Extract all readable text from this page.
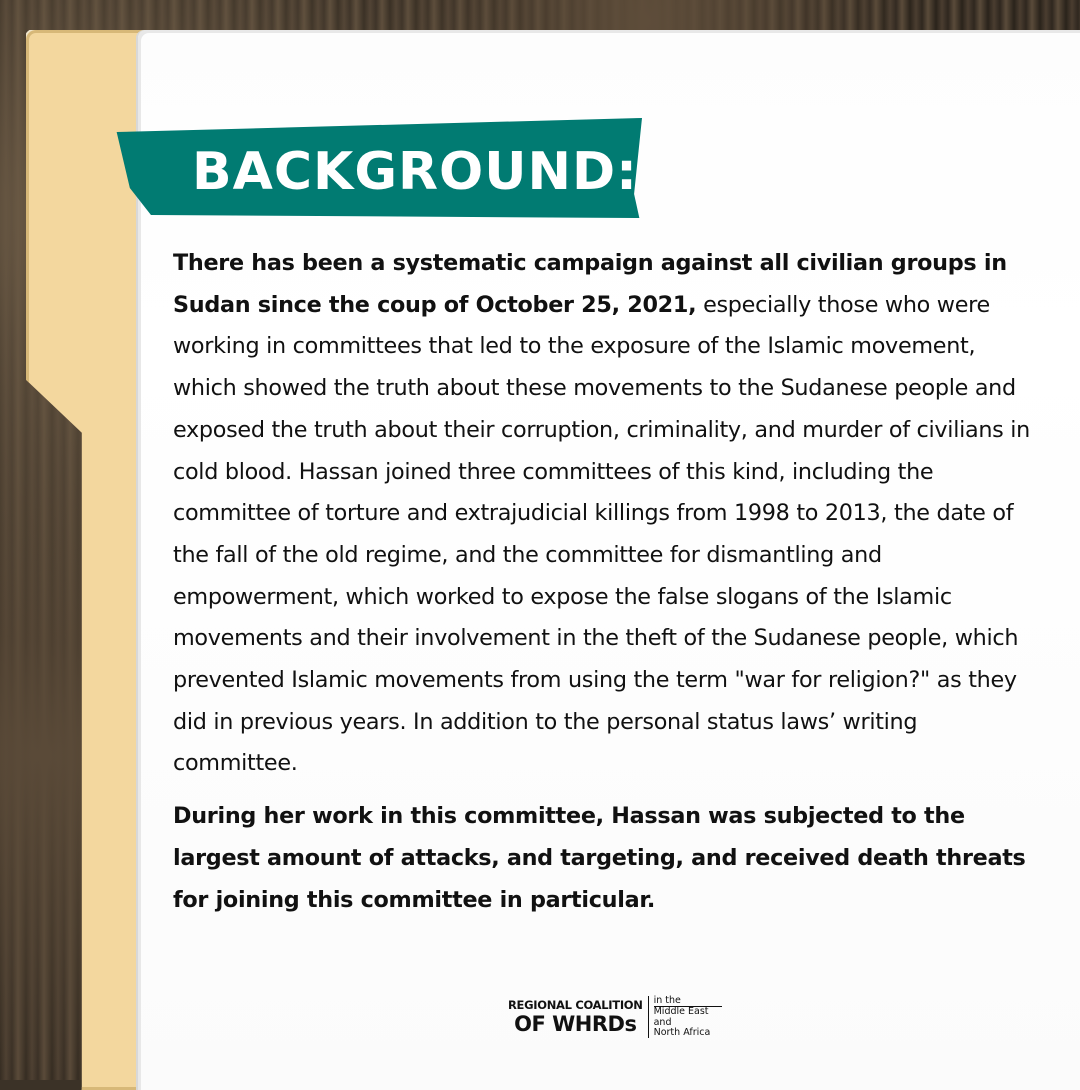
BACKGROUND:

There has been a systematic campaign against all civilian groups in Sudan since the coup of October 25, 2021, especially those who were working in committees that led to the exposure of the Islamic movement, which showed the truth about these movements to the Sudanese people and exposed the truth about their corruption, criminality, and murder of civilians in cold blood. Hassan joined three committees of this kind, including the committee of torture and extrajudicial killings from 1998 to 2013, the date of the fall of the old regime, and the committee for dismantling and empowerment, which worked to expose the false slogans of the Islamic movements and their involvement in the theft of the Sudanese people, which prevented Islamic movements from using the term "war for religion?" as they did in previous years. In addition to the personal status laws’ writing committee.

During her work in this committee, Hassan was subjected to the largest amount of attacks, and targeting, and received death threats for joining this committee in particular.

REGIONAL COALITION
OF WHRDs
in the
Middle East
and
North Africa
